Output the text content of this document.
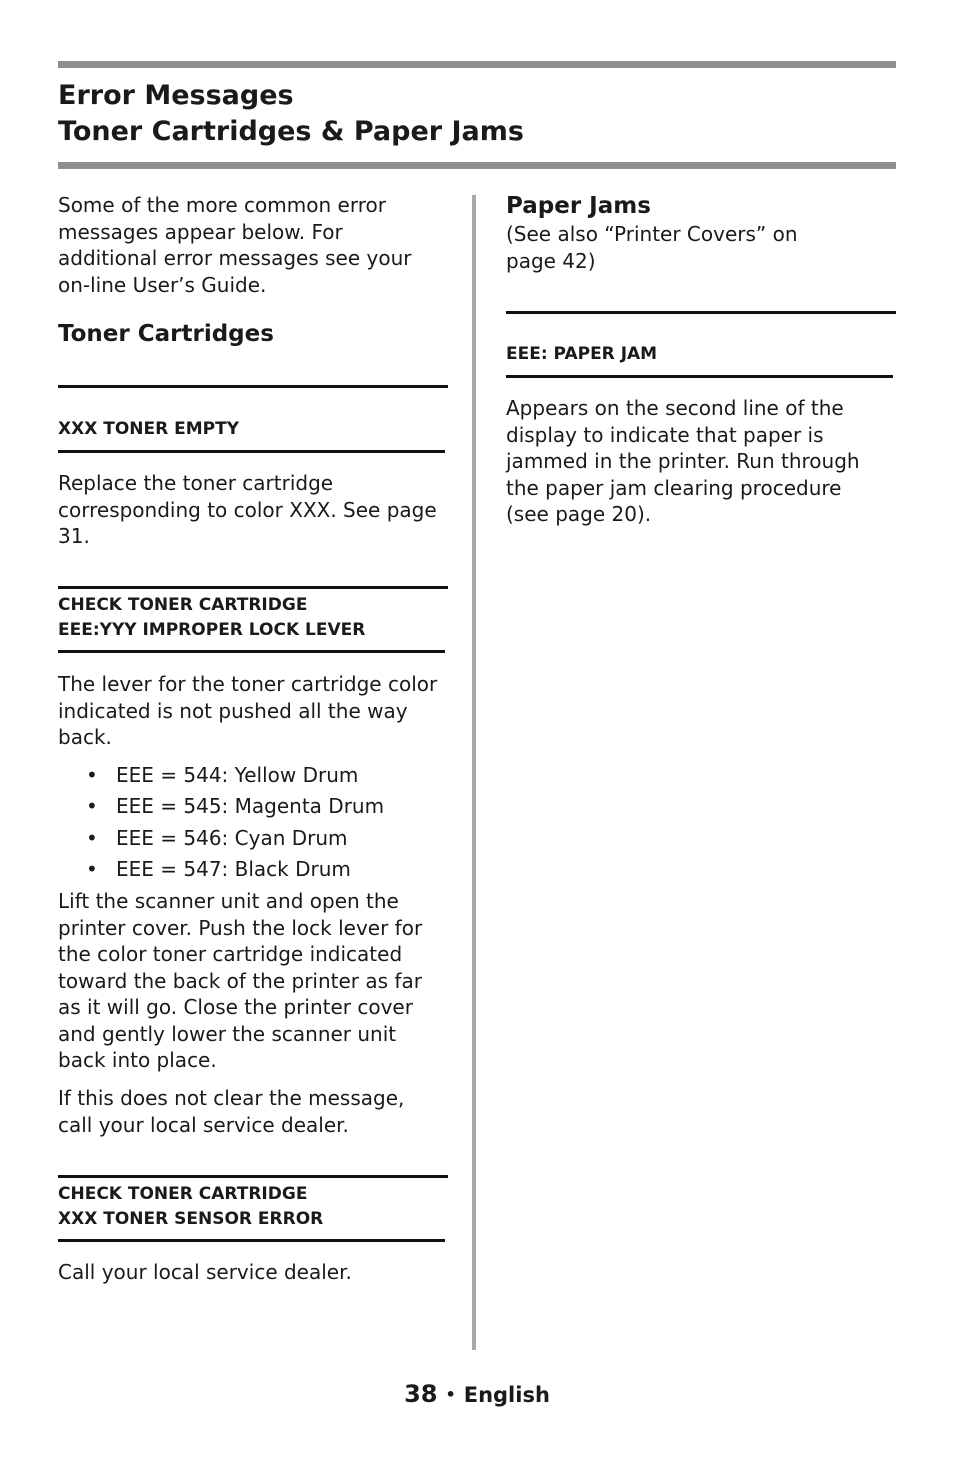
Error Messages
Toner Cartridges & Paper Jams
Some of the more common error messages appear below. For additional error messages see your on-line User’s Guide.
Toner Cartridges
XXX TONER EMPTY
Replace the toner cartridge corresponding to color XXX. See page 31.
CHECK TONER CARTRIDGE
EEE:YYY IMPROPER LOCK LEVER
The lever for the toner cartridge color indicated is not pushed all the way back.
• EEE = 544: Yellow Drum
• EEE = 545: Magenta Drum
• EEE = 546: Cyan Drum
• EEE = 547: Black Drum
Lift the scanner unit and open the printer cover. Push the lock lever for the color toner cartridge indicated toward the back of the printer as far as it will go. Close the printer cover and gently lower the scanner unit back into place.
If this does not clear the message, call your local service dealer.
CHECK TONER CARTRIDGE
XXX TONER SENSOR ERROR
Call your local service dealer.
Paper Jams
(See also “Printer Covers” on page 42)
EEE: PAPER JAM
Appears on the second line of the display to indicate that paper is jammed in the printer. Run through the paper jam clearing procedure (see page 20).
38 • English
